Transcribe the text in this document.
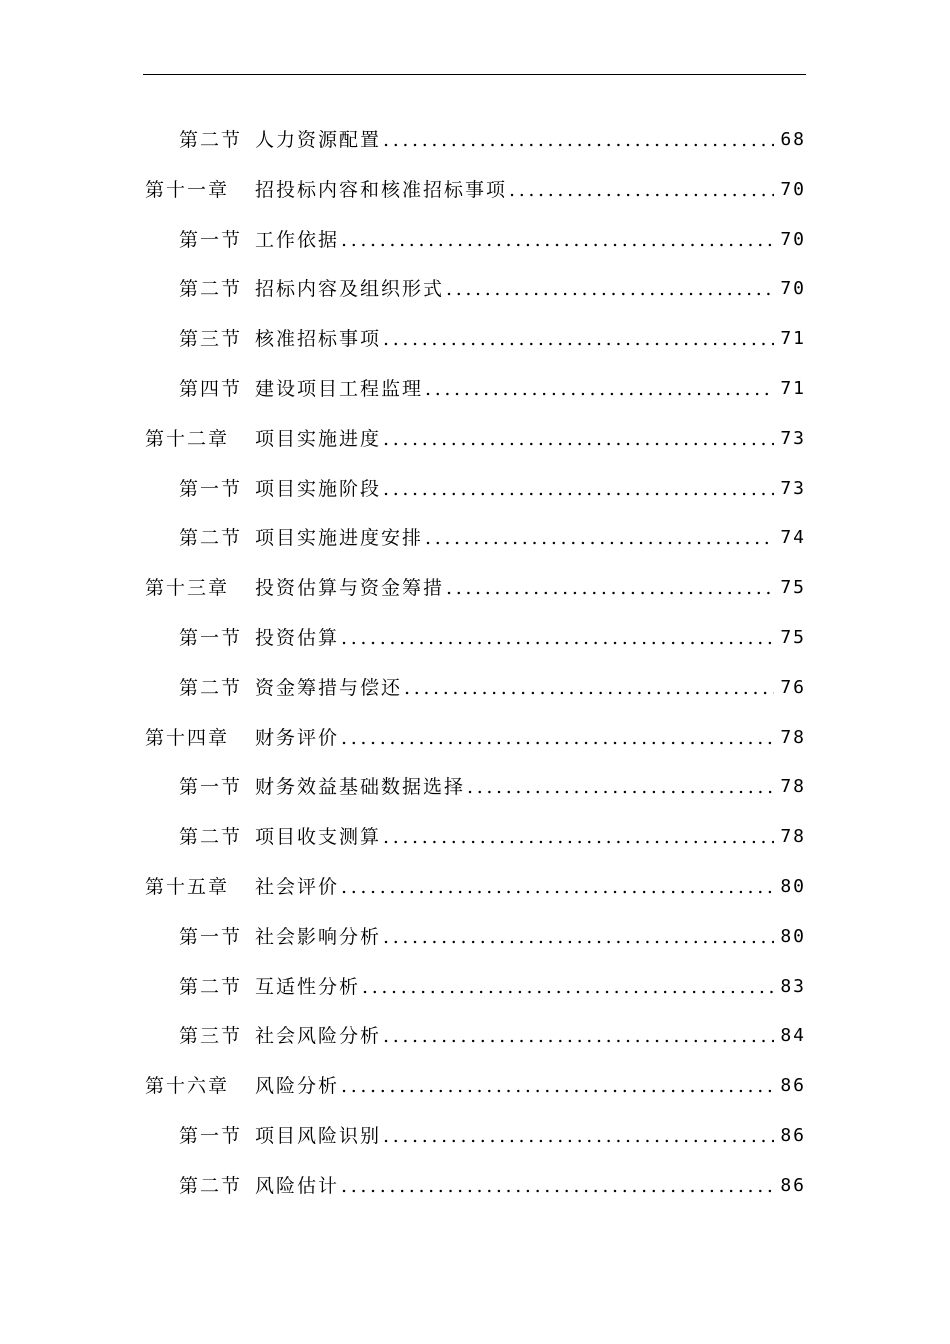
第二节 人力资源配置 . . .	68
第十一章	招投标内容和核准招标事项 . . .	70
第一节 工作依据 . . .	70
第二节 招标内容及组织形式 . . .	70
第三节 核准招标事项 . . .	71
第四节 建设项目工程监理 . . .	71
第十二章	项目实施进度 . . .	73
第一节 项目实施阶段 . . .	73
第二节 项目实施进度安排 . . .	74
第十三章	投资估算与资金筹措 . . .	75
第一节 投资估算 . . .	75
第二节 资金筹措与偿还 . . .	76
第十四章	财务评价 . . .	78
第一节 财务效益基础数据选择 . . .	78
第二节 项目收支测算 . . .	78
第十五章	社会评价 . . .	80
第一节 社会影响分析 . . .	80
第二节 互适性分析 . . .	83
第三节 社会风险分析 . . .	84
第十六章	风险分析 . . .	86
第一节 项目风险识别 . . .	86
第二节 风险估计 . . .	86
